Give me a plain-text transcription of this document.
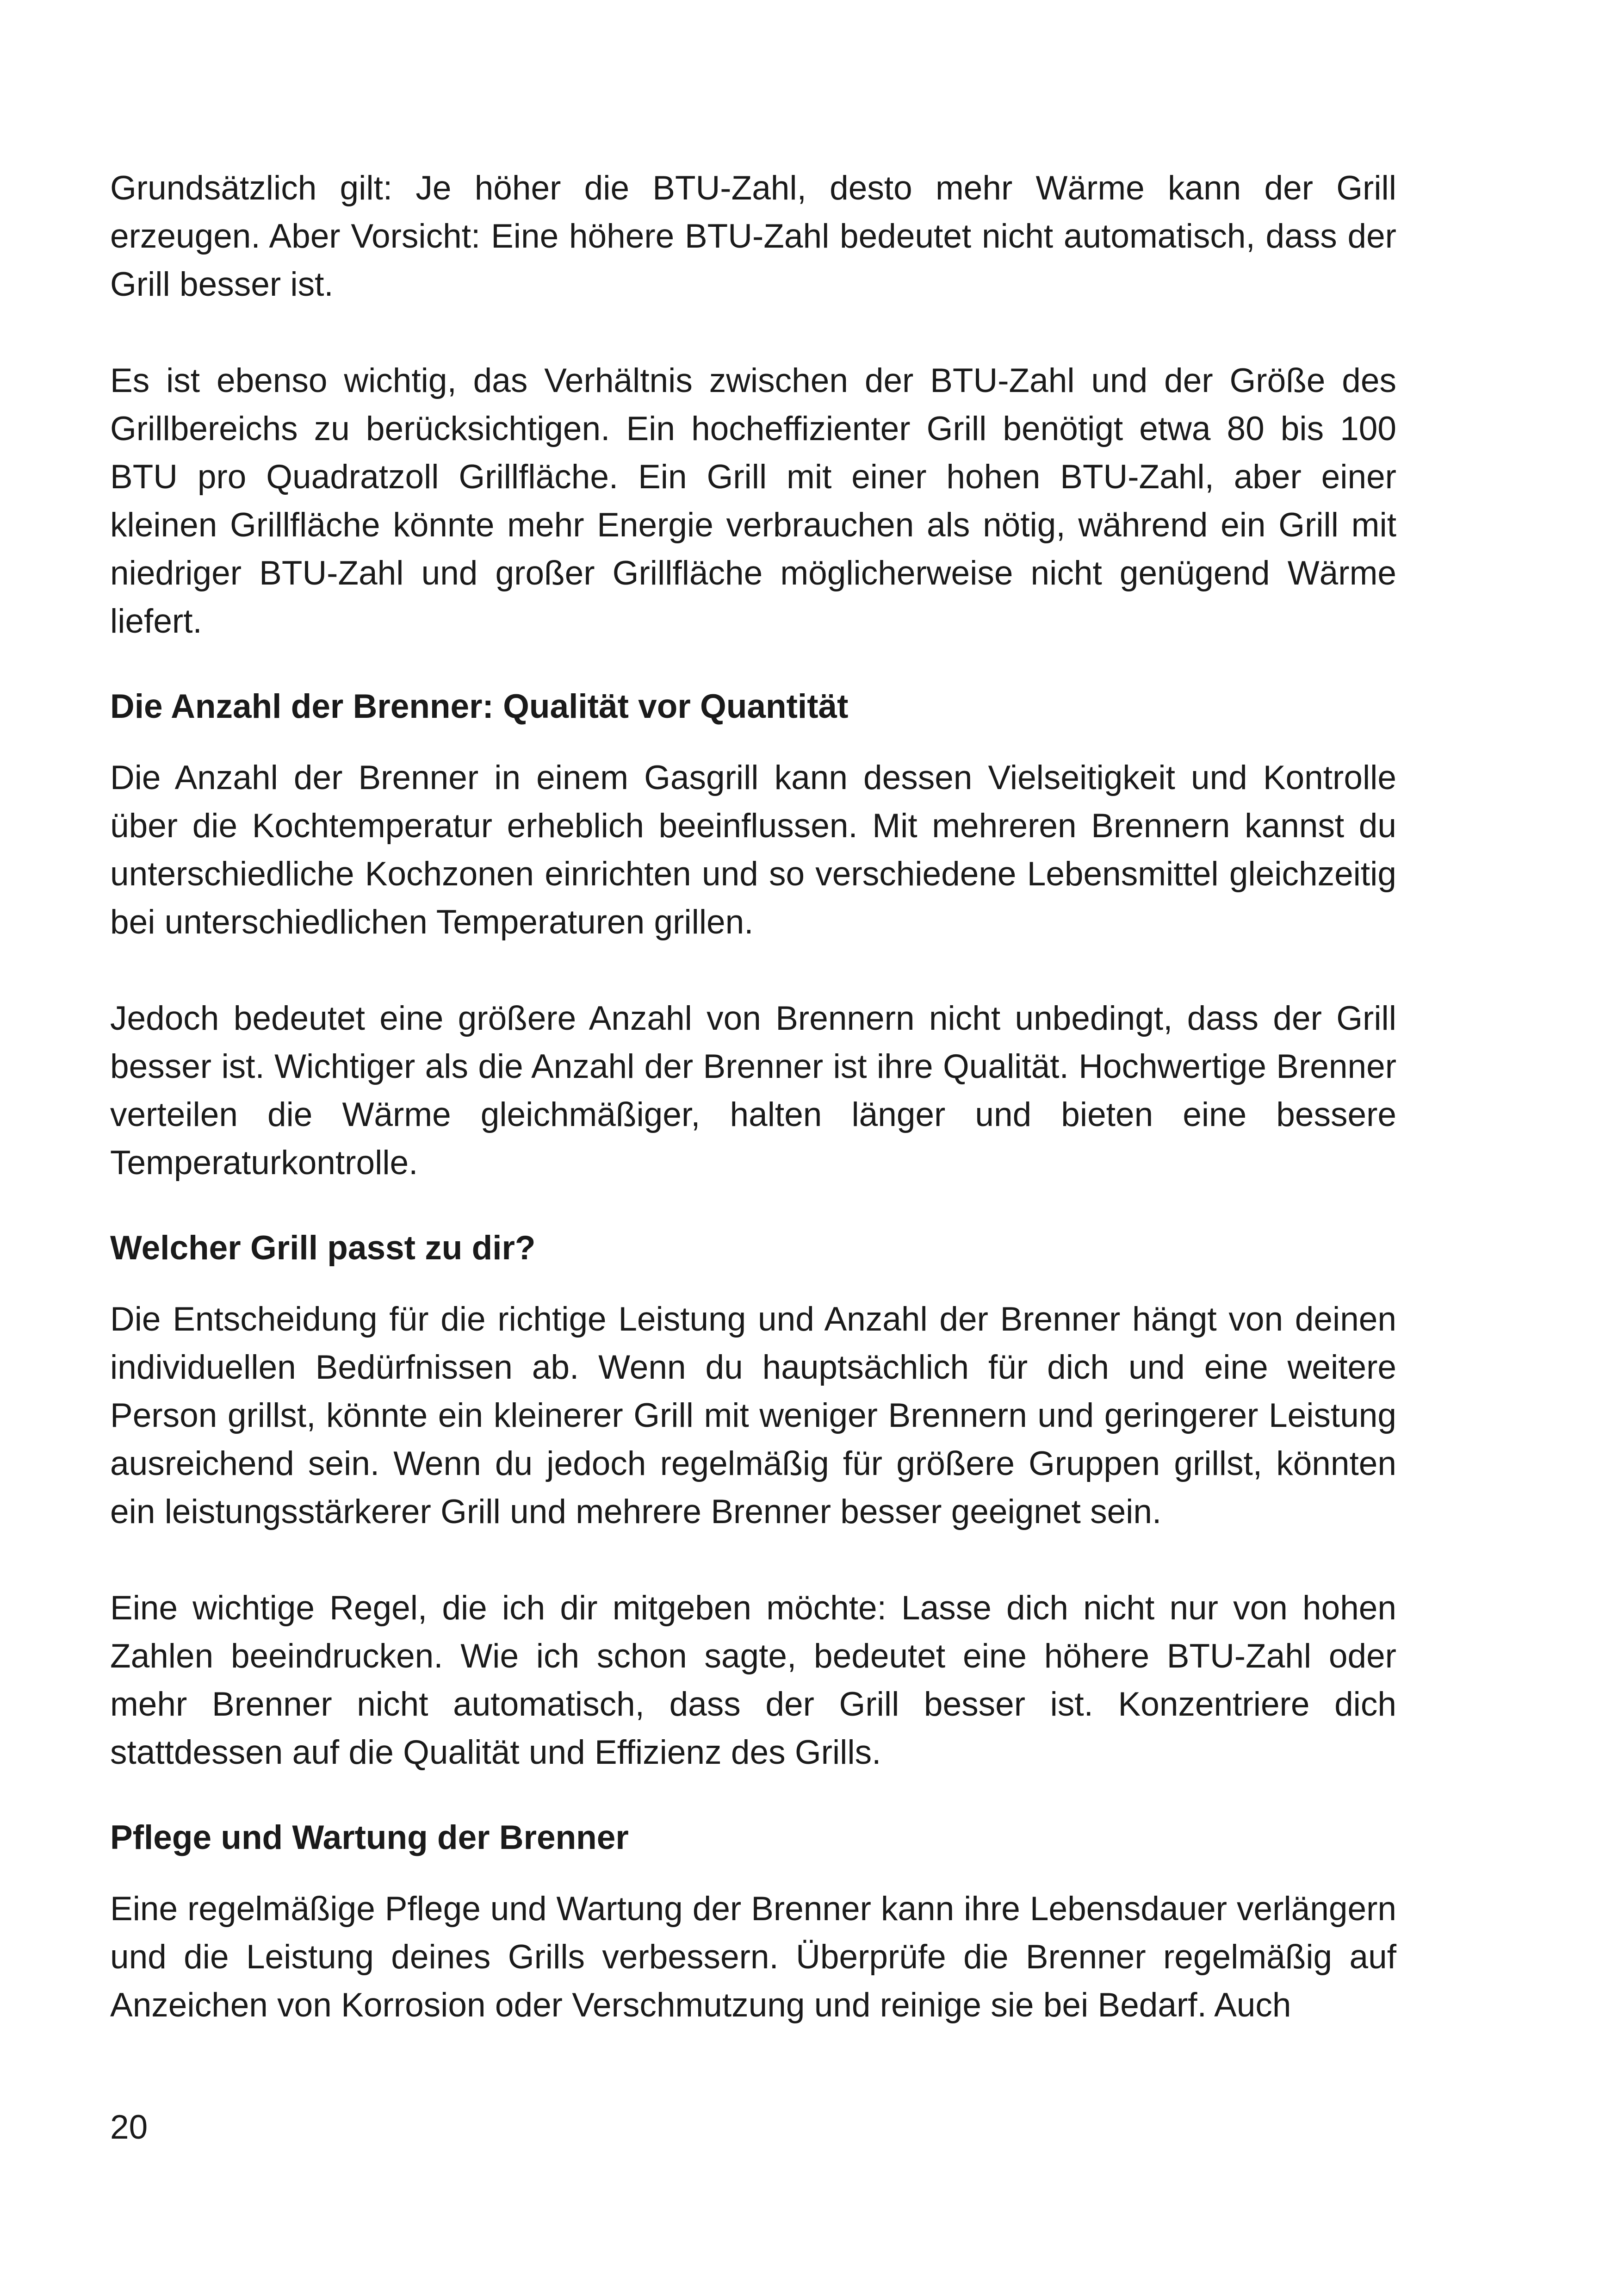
Grundsätzlich gilt: Je höher die BTU-Zahl, desto mehr Wärme kann der Grill erzeugen. Aber Vorsicht: Eine höhere BTU-Zahl bedeutet nicht automatisch, dass der Grill besser ist.

Es ist ebenso wichtig, das Verhältnis zwischen der BTU-Zahl und der Größe des Grillbereichs zu berücksichtigen. Ein hocheffizienter Grill benötigt etwa 80 bis 100 BTU pro Quadratzoll Grillfläche. Ein Grill mit einer hohen BTU-Zahl, aber einer kleinen Grillfläche könnte mehr Energie verbrauchen als nötig, während ein Grill mit niedriger BTU-Zahl und großer Grillfläche möglicherweise nicht genügend Wärme liefert.

Die Anzahl der Brenner: Qualität vor Quantität

Die Anzahl der Brenner in einem Gasgrill kann dessen Vielseitigkeit und Kontrolle über die Kochtemperatur erheblich beeinflussen. Mit mehreren Brennern kannst du unterschiedliche Kochzonen einrichten und so verschiedene Lebensmittel gleichzeitig bei unterschiedlichen Temperaturen grillen.

Jedoch bedeutet eine größere Anzahl von Brennern nicht unbedingt, dass der Grill besser ist. Wichtiger als die Anzahl der Brenner ist ihre Qualität. Hochwertige Brenner verteilen die Wärme gleichmäßiger, halten länger und bieten eine bessere Temperaturkontrolle.

Welcher Grill passt zu dir?

Die Entscheidung für die richtige Leistung und Anzahl der Brenner hängt von deinen individuellen Bedürfnissen ab. Wenn du hauptsächlich für dich und eine weitere Person grillst, könnte ein kleinerer Grill mit weniger Brennern und geringerer Leistung ausreichend sein. Wenn du jedoch regelmäßig für größere Gruppen grillst, könnten ein leistungsstärkerer Grill und mehrere Brenner besser geeignet sein.

Eine wichtige Regel, die ich dir mitgeben möchte: Lasse dich nicht nur von hohen Zahlen beeindrucken. Wie ich schon sagte, bedeutet eine höhere BTU-Zahl oder mehr Brenner nicht automatisch, dass der Grill besser ist. Konzentriere dich stattdessen auf die Qualität und Effizienz des Grills.

Pflege und Wartung der Brenner

Eine regelmäßige Pflege und Wartung der Brenner kann ihre Lebensdauer verlängern und die Leistung deines Grills verbessern. Überprüfe die Brenner regelmäßig auf Anzeichen von Korrosion oder Verschmutzung und reinige sie bei Bedarf. Auch

20
